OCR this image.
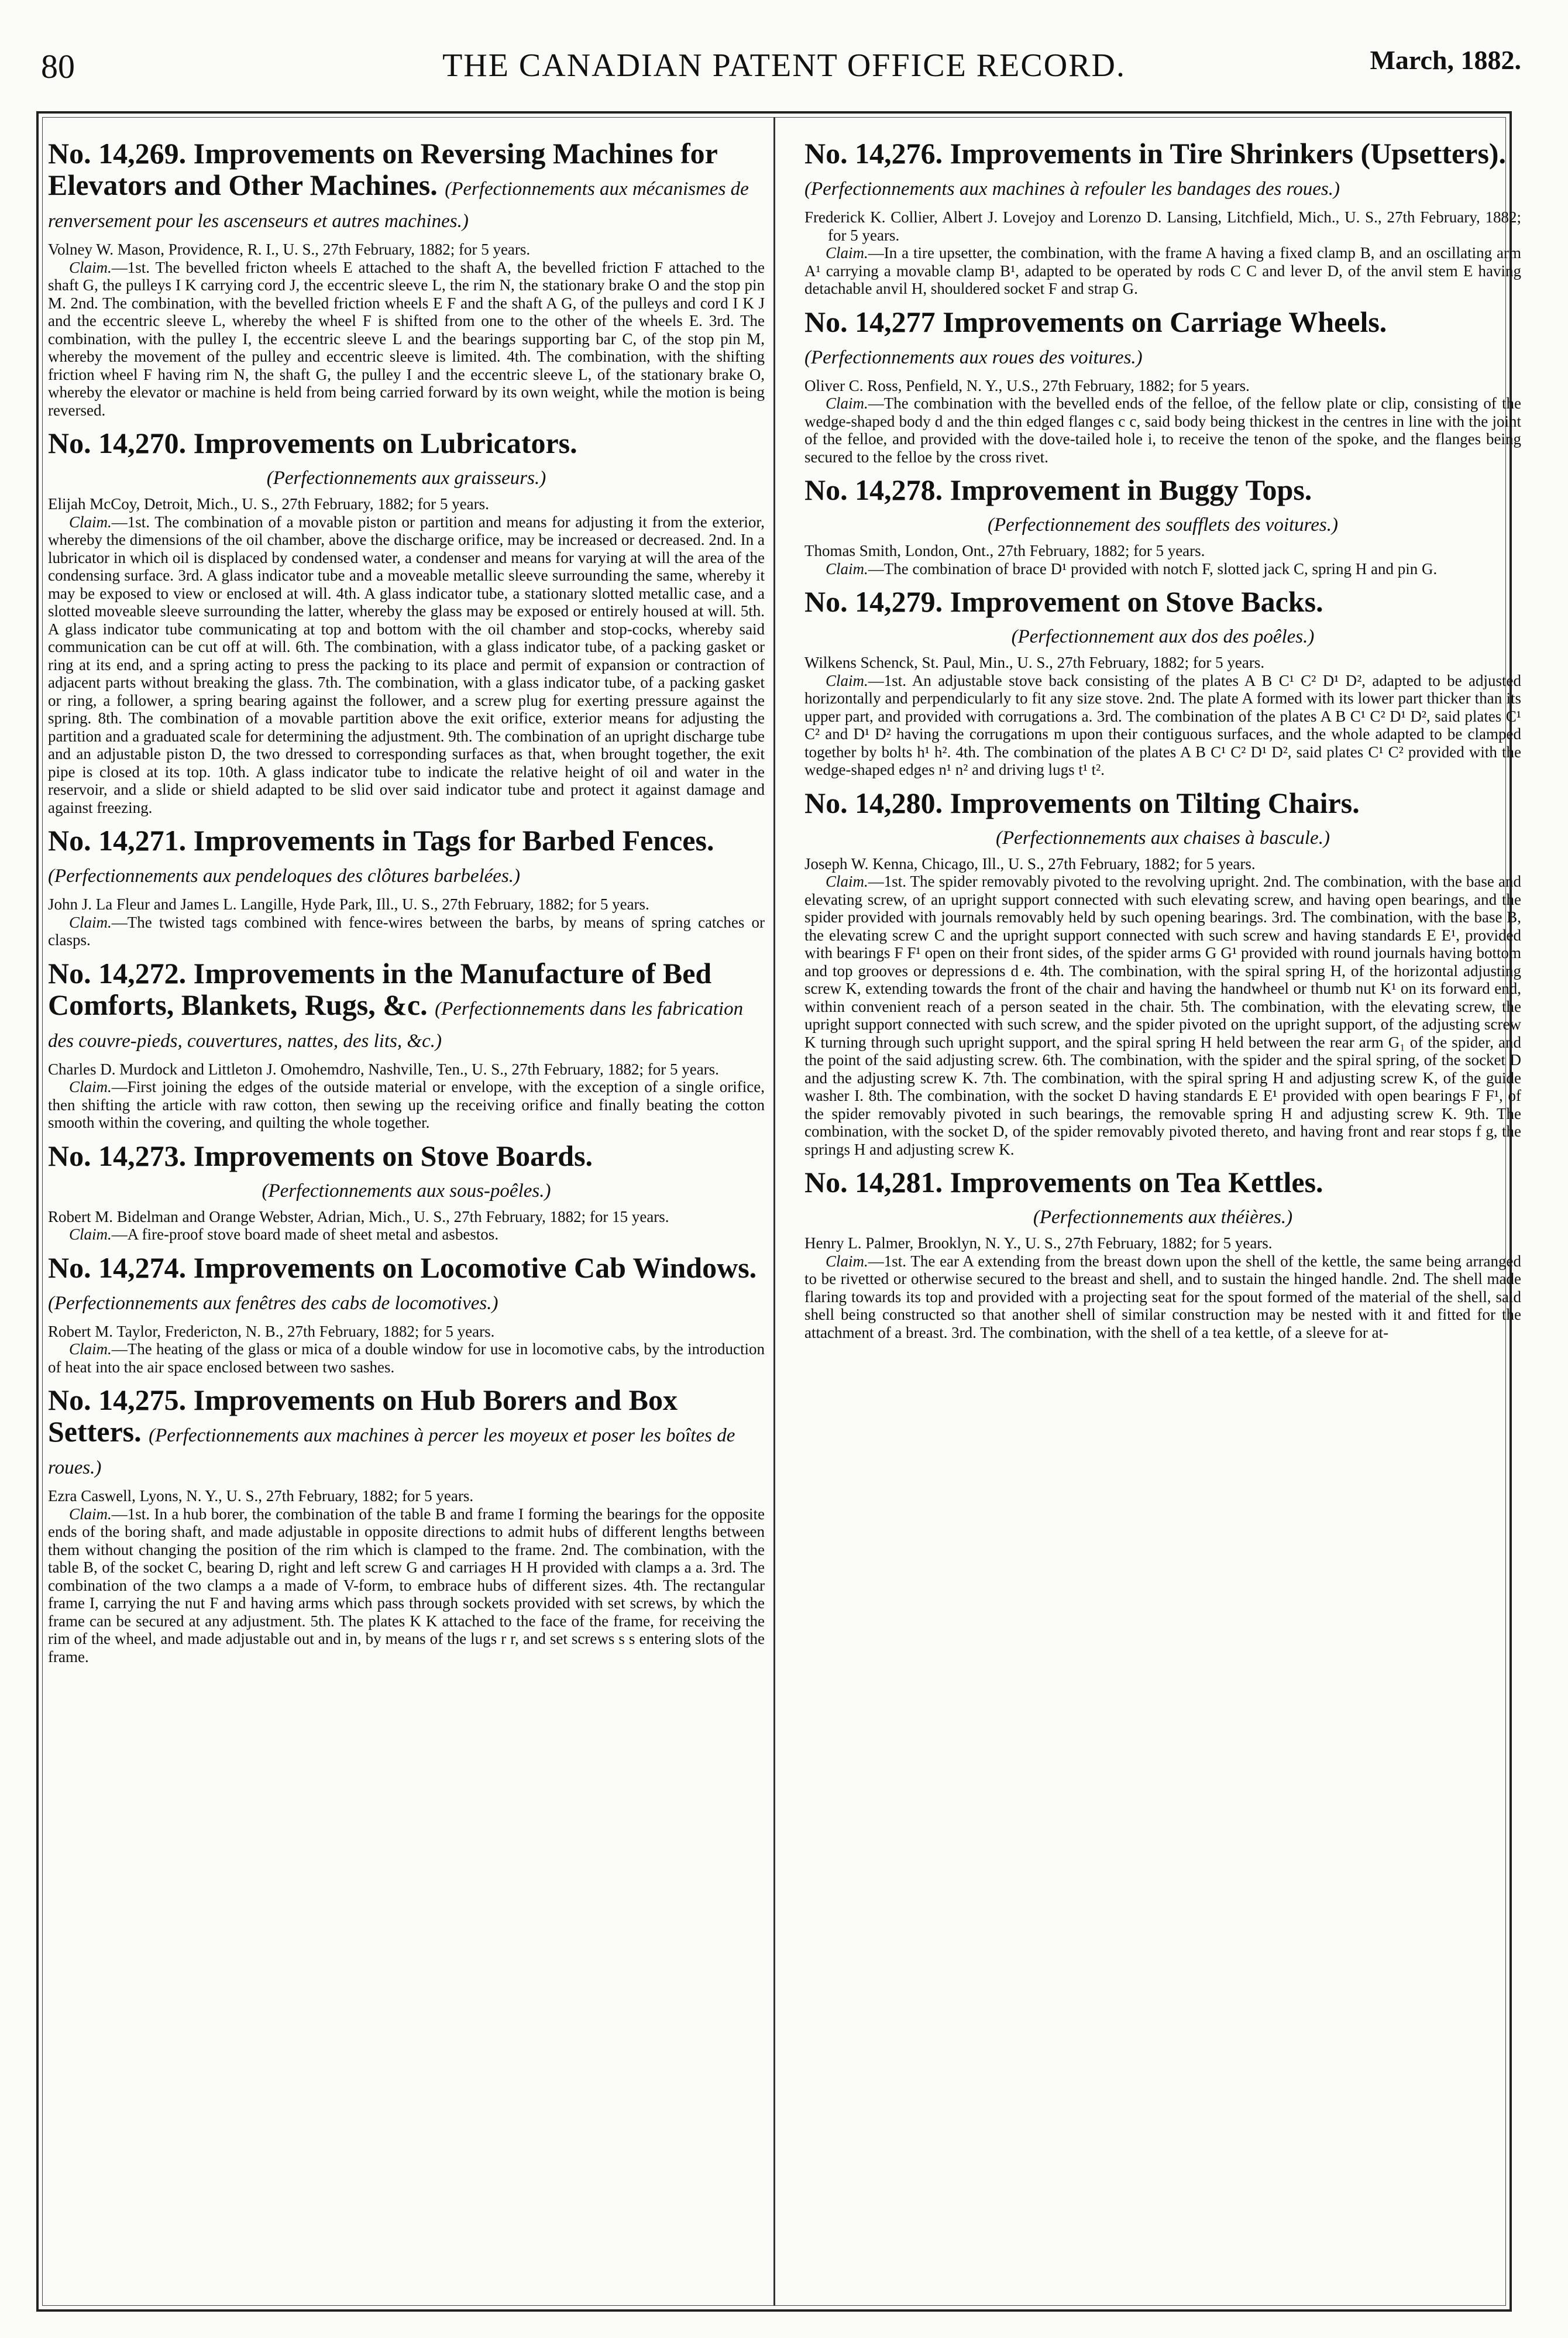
80	THE CANADIAN PATENT OFFICE RECORD.	March, 1882.
No. 14,269. Improvements on Reversing Machines for Elevators and Other Machines. (Perfectionnements aux mécanismes de renversement pour les ascenseurs et autres machines.)

Volney W. Mason, Providence, R. I., U. S., 27th February, 1882; for 5 years.

Claim.—1st. The bevelled fricton wheels E attached to the shaft A, the bevelled friction F attached to the shaft G, the pulleys I K carrying cord J, the eccentric sleeve L, the rim N, the stationary brake O and the stop pin M. 2nd. The combination, with the bevelled friction wheels E F and the shaft A G, of the pulleys and cord I K J and the eccentric sleeve L, whereby the wheel F is shifted from one to the other of the wheels E. 3rd. The combination, with the pulley I, the eccentric sleeve L and the bearings supporting bar C, of the stop pin M, whereby the movement of the pulley and eccentric sleeve is limited. 4th. The combination, with the shifting friction wheel F having rim N, the shaft G, the pulley I and the eccentric sleeve L, of the stationary brake O, whereby the elevator or machine is held from being carried forward by its own weight, while the motion is being reversed.

No. 14,270. Improvements on Lubricators.
(Perfectionnements aux graisseurs.)

Elijah McCoy, Detroit, Mich., U. S., 27th February, 1882; for 5 years.

Claim.—1st. The combination of a movable piston or partition and means for adjusting it from the exterior, whereby the dimensions of the oil chamber, above the discharge orifice, may be increased or decreased. 2nd. In a lubricator in which oil is displaced by condensed water, a condenser and means for varying at will the area of the condensing surface. 3rd. A glass indicator tube and a moveable metallic sleeve surrounding the same, whereby it may be exposed to view or enclosed at will. 4th. A glass indicator tube, a stationary slotted metallic case, and a slotted moveable sleeve surrounding the latter, whereby the glass may be exposed or entirely housed at will. 5th. A glass indicator tube communicating at top and bottom with the oil chamber and stop-cocks, whereby said communication can be cut off at will. 6th. The combination, with a glass indicator tube, of a packing gasket or ring at its end, and a spring acting to press the packing to its place and permit of expansion or contraction of adjacent parts without breaking the glass. 7th. The combination, with a glass indicator tube, of a packing gasket or ring, a follower, a spring bearing against the follower, and a screw plug for exerting pressure against the spring. 8th. The combination of a movable partition above the exit orifice, exterior means for adjusting the partition and a graduated scale for determining the adjustment. 9th. The combination of an upright discharge tube and an adjustable piston D, the two dressed to corresponding surfaces as that, when brought together, the exit pipe is closed at its top. 10th. A glass indicator tube to indicate the relative height of oil and water in the reservoir, and a slide or shield adapted to be slid over said indicator tube and protect it against damage and against freezing.

No. 14,271. Improvements in Tags for Barbed Fences. (Perfectionnements aux pendeloques des clôtures barbelées.)

John J. La Fleur and James L. Langille, Hyde Park, Ill., U. S., 27th February, 1882; for 5 years.

Claim.—The twisted tags combined with fence-wires between the barbs, by means of spring catches or clasps.

No. 14,272. Improvements in the Manufacture of Bed Comforts, Blankets, Rugs, &c. (Perfectionnements dans les fabrication des couvre-pieds, couvertures, nattes, des lits, &c.)

Charles D. Murdock and Littleton J. Omohemdro, Nashville, Ten., U. S., 27th February, 1882; for 5 years.

Claim.—First joining the edges of the outside material or envelope, with the exception of a single orifice, then shifting the article with raw cotton, then sewing up the receiving orifice and finally beating the cotton smooth within the covering, and quilting the whole together.

No. 14,273. Improvements on Stove Boards.
(Perfectionnements aux sous-poêles.)

Robert M. Bidelman and Orange Webster, Adrian, Mich., U. S., 27th February, 1882; for 15 years.

Claim.—A fire-proof stove board made of sheet metal and asbestos.

No. 14,274. Improvements on Locomotive Cab Windows. (Perfectionnements aux fenêtres des cabs de locomotives.)

Robert M. Taylor, Fredericton, N. B., 27th February, 1882; for 5 years.

Claim.—The heating of the glass or mica of a double window for use in locomotive cabs, by the introduction of heat into the air space enclosed between two sashes.

No. 14,275. Improvements on Hub Borers and Box Setters. (Perfectionnements aux machines à percer les moyeux et poser les boîtes de roues.)

Ezra Caswell, Lyons, N. Y., U. S., 27th February, 1882; for 5 years.

Claim.—1st. In a hub borer, the combination of the table B and frame I forming the bearings for the opposite ends of the boring shaft, and made adjustable in opposite directions to admit hubs of different lengths between them without changing the position of the rim which is clamped to the frame. 2nd. The combination, with the table B, of the socket C, bearing D, right and left screw G and carriages H H provided with clamps a a. 3rd. The combination of the two clamps a a made of V-form, to embrace hubs of different sizes. 4th. The rectangular frame I, carrying the nut F and having arms which pass through sockets provided with set screws, by which the frame can be secured at any adjustment. 5th. The plates K K attached to the face of the frame, for receiving the rim of the wheel, and made adjustable out and in, by means of the lugs r r, and set screws s s entering slots of the frame.

No. 14,276. Improvements in Tire Shrinkers (Upsetters). (Perfectionnements aux machines à refouler les bandages des roues.)

Frederick K. Collier, Albert J. Lovejoy and Lorenzo D. Lansing, Litchfield, Mich., U. S., 27th February, 1882; for 5 years.

Claim.—In a tire upsetter, the combination, with the frame A having a fixed clamp B, and an oscillating arm A¹ carrying a movable clamp B¹, adapted to be operated by rods C C and lever D, of the anvil stem E having detachable anvil H, shouldered socket F and strap G.

No. 14,277 Improvements on Carriage Wheels. (Perfectionnements aux roues des voitures.)

Oliver C. Ross, Penfield, N. Y., U.S., 27th February, 1882; for 5 years.

Claim.—The combination with the bevelled ends of the felloe, of the fellow plate or clip, consisting of the wedge-shaped body d and the thin edged flanges c c, said body being thickest in the centres in line with the joint of the felloe, and provided with the dove-tailed hole i, to receive the tenon of the spoke, and the flanges being secured to the felloe by the cross rivet.

No. 14,278. Improvement in Buggy Tops.
(Perfectionnement des soufflets des voitures.)

Thomas Smith, London, Ont., 27th February, 1882; for 5 years.

Claim.—The combination of brace D¹ provided with notch F, slotted jack C, spring H and pin G.

No. 14,279. Improvement on Stove Backs.
(Perfectionnement aux dos des poêles.)

Wilkens Schenck, St. Paul, Min., U. S., 27th February, 1882; for 5 years.

Claim.—1st. An adjustable stove back consisting of the plates A B C¹ C² D¹ D², adapted to be adjusted horizontally and perpendicularly to fit any size stove. 2nd. The plate A formed with its lower part thicker than its upper part, and provided with corrugations a. 3rd. The combination of the plates A B C¹ C² D¹ D², said plates C¹ C² and D¹ D² having the corrugations m upon their contiguous surfaces, and the whole adapted to be clamped together by bolts h¹ h². 4th. The combination of the plates A B C¹ C² D¹ D², said plates C¹ C² provided with the wedge-shaped edges n¹ n² and driving lugs t¹ t².

No. 14,280. Improvements on Tilting Chairs.
(Perfectionnements aux chaises à bascule.)

Joseph W. Kenna, Chicago, Ill., U. S., 27th February, 1882; for 5 years.

Claim.—1st. The spider removably pivoted to the revolving upright. 2nd. The combination, with the base and elevating screw, of an upright support connected with such elevating screw, and having open bearings, and the spider provided with journals removably held by such opening bearings. 3rd. The combination, with the base B, the elevating screw C and the upright support connected with such screw and having standards E E¹, provided with bearings F F¹ open on their front sides, of the spider arms G G¹ provided with round journals having bottom and top grooves or depressions d e. 4th. The combination, with the spiral spring H, of the horizontal adjusting screw K, extending towards the front of the chair and having the handwheel or thumb nut K¹ on its forward end, within convenient reach of a person seated in the chair. 5th. The combination, with the elevating screw, the upright support connected with such screw, and the spider pivoted on the upright support, of the adjusting screw K turning through such upright support, and the spiral spring H held between the rear arm G₁ of the spider, and the point of the said adjusting screw. 6th. The combination, with the spider and the spiral spring, of the socket D and the adjusting screw K. 7th. The combination, with the spiral spring H and adjusting screw K, of the guide washer I. 8th. The combination, with the socket D having standards E E¹ provided with open bearings F F¹, of the spider removably pivoted in such bearings, the removable spring H and adjusting screw K. 9th. The combination, with the socket D, of the spider removably pivoted thereto, and having front and rear stops f g, the springs H and adjusting screw K.

No. 14,281. Improvements on Tea Kettles.
(Perfectionnements aux théières.)

Henry L. Palmer, Brooklyn, N. Y., U. S., 27th February, 1882; for 5 years.

Claim.—1st. The ear A extending from the breast down upon the shell of the kettle, the same being arranged to be rivetted or otherwise secured to the breast and shell, and to sustain the hinged handle. 2nd. The shell made flaring towards its top and provided with a projecting seat for the spout formed of the material of the shell, said shell being constructed so that another shell of similar construction may be nested with it and fitted for the attachment of a breast. 3rd. The combination, with the shell of a tea kettle, of a sleeve for at-
